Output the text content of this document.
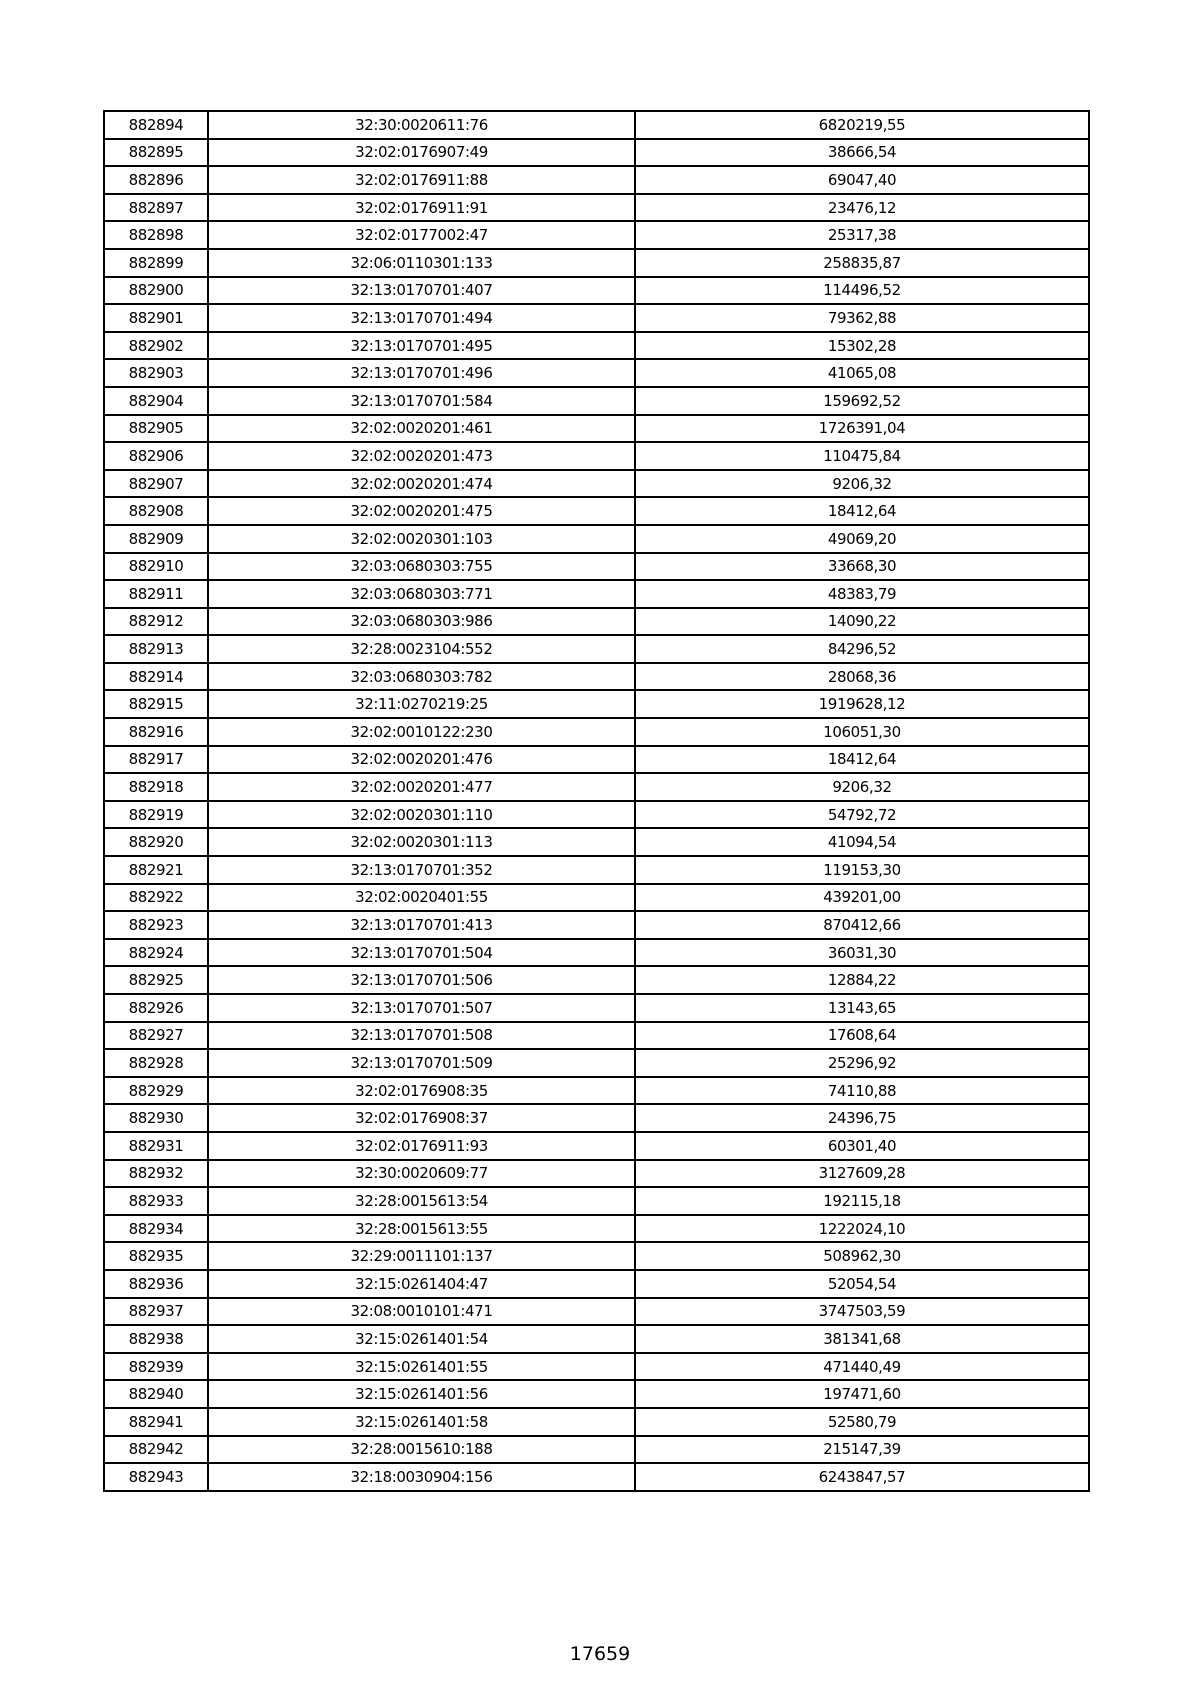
882894	32:30:0020611:76	6820219,55
882895	32:02:0176907:49	38666,54
882896	32:02:0176911:88	69047,40
882897	32:02:0176911:91	23476,12
882898	32:02:0177002:47	25317,38
882899	32:06:0110301:133	258835,87
882900	32:13:0170701:407	114496,52
882901	32:13:0170701:494	79362,88
882902	32:13:0170701:495	15302,28
882903	32:13:0170701:496	41065,08
882904	32:13:0170701:584	159692,52
882905	32:02:0020201:461	1726391,04
882906	32:02:0020201:473	110475,84
882907	32:02:0020201:474	9206,32
882908	32:02:0020201:475	18412,64
882909	32:02:0020301:103	49069,20
882910	32:03:0680303:755	33668,30
882911	32:03:0680303:771	48383,79
882912	32:03:0680303:986	14090,22
882913	32:28:0023104:552	84296,52
882914	32:03:0680303:782	28068,36
882915	32:11:0270219:25	1919628,12
882916	32:02:0010122:230	106051,30
882917	32:02:0020201:476	18412,64
882918	32:02:0020201:477	9206,32
882919	32:02:0020301:110	54792,72
882920	32:02:0020301:113	41094,54
882921	32:13:0170701:352	119153,30
882922	32:02:0020401:55	439201,00
882923	32:13:0170701:413	870412,66
882924	32:13:0170701:504	36031,30
882925	32:13:0170701:506	12884,22
882926	32:13:0170701:507	13143,65
882927	32:13:0170701:508	17608,64
882928	32:13:0170701:509	25296,92
882929	32:02:0176908:35	74110,88
882930	32:02:0176908:37	24396,75
882931	32:02:0176911:93	60301,40
882932	32:30:0020609:77	3127609,28
882933	32:28:0015613:54	192115,18
882934	32:28:0015613:55	1222024,10
882935	32:29:0011101:137	508962,30
882936	32:15:0261404:47	52054,54
882937	32:08:0010101:471	3747503,59
882938	32:15:0261401:54	381341,68
882939	32:15:0261401:55	471440,49
882940	32:15:0261401:56	197471,60
882941	32:15:0261401:58	52580,79
882942	32:28:0015610:188	215147,39
882943	32:18:0030904:156	6243847,57
17659
